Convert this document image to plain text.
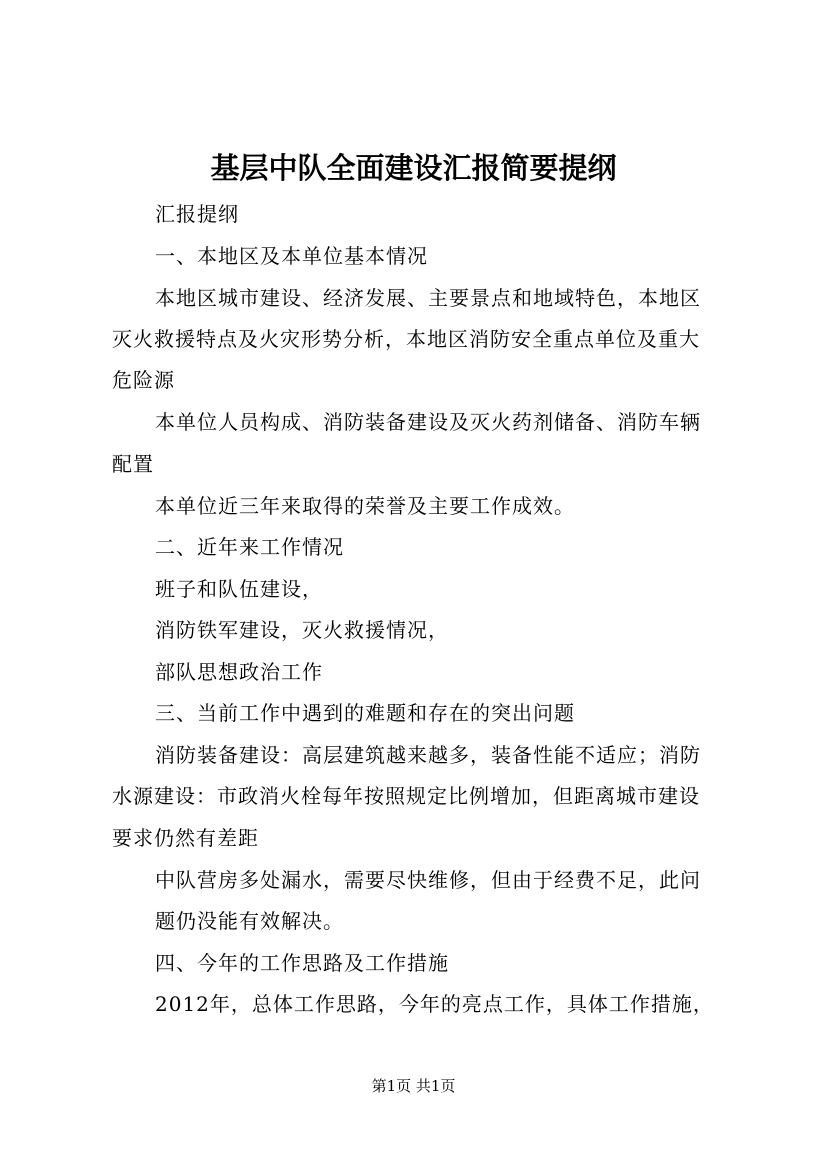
基层中队全面建设汇报简要提纲
汇报提纲
一、本地区及本单位基本情况
本地区城市建设、经济发展、主要景点和地域特色，本地区
灭火救援特点及火灾形势分析，本地区消防安全重点单位及重大
危险源
本单位人员构成、消防装备建设及灭火药剂储备、消防车辆
配置
本单位近三年来取得的荣誉及主要工作成效。
二、近年来工作情况
班子和队伍建设，
消防铁军建设，灭火救援情况，
部队思想政治工作
三、当前工作中遇到的难题和存在的突出问题
消防装备建设：高层建筑越来越多，装备性能不适应；消防
水源建设：市政消火栓每年按照规定比例增加，但距离城市建设
要求仍然有差距
中队营房多处漏水，需要尽快维修，但由于经费不足，此问
题仍没能有效解决。
四、今年的工作思路及工作措施
2012年，总体工作思路，今年的亮点工作，具体工作措施，
第1页 共1页
